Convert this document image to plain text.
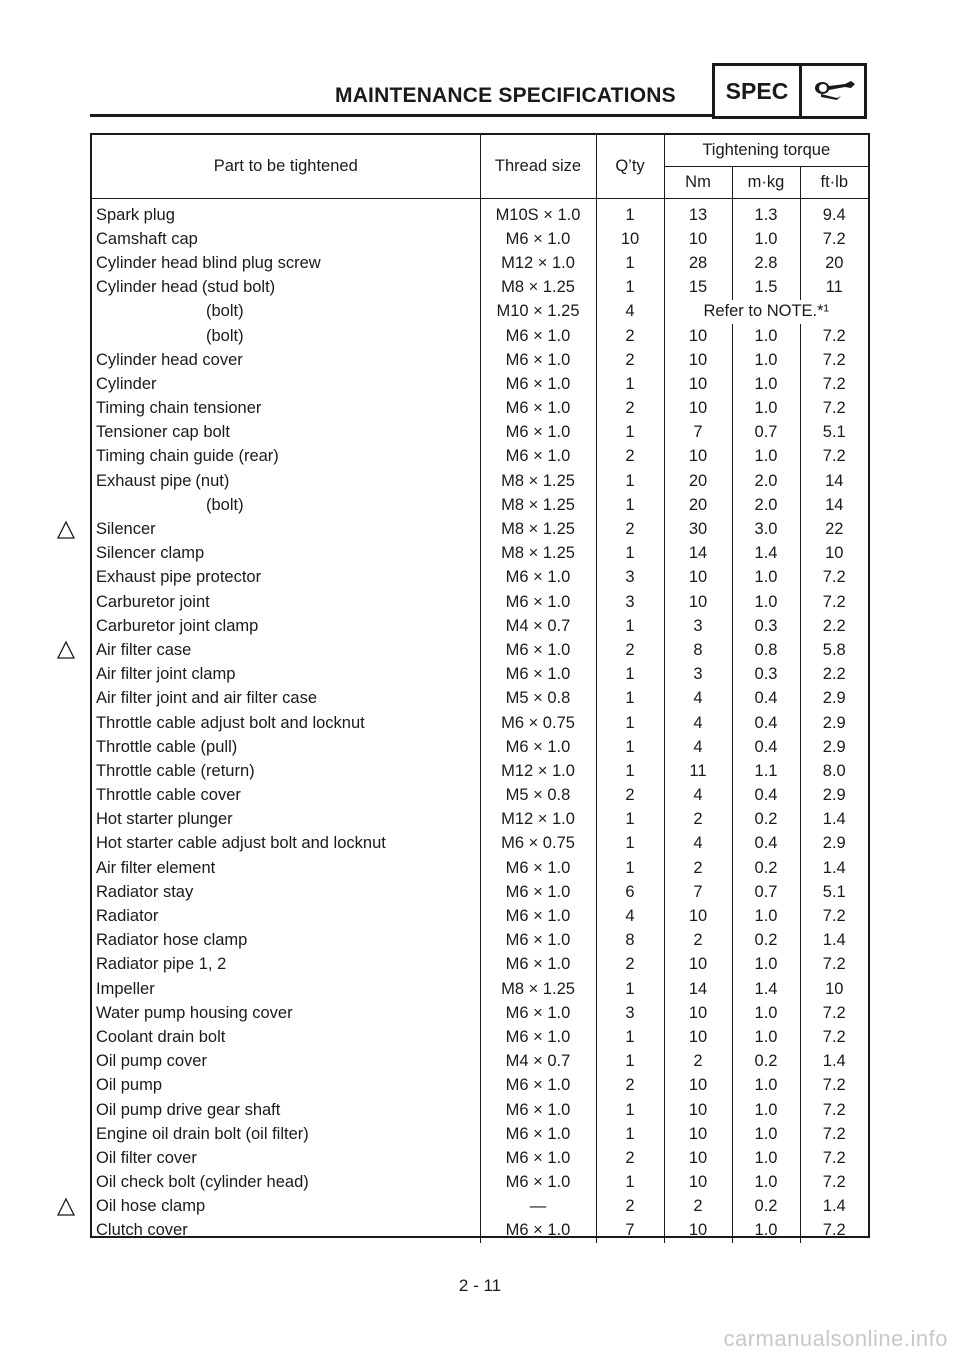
MAINTENANCE SPECIFICATIONS	SPEC
Part to be tightened	Thread size	Q’ty	Tightening torque		
			Nm	m·kg	ft·lb
Spark plug	M10S × 1.0	1	13	1.3	9.4
Camshaft cap	M6 × 1.0	10	10	1.0	7.2
Cylinder head blind plug screw	M12 × 1.0	1	28	2.8	20
Cylinder head (stud bolt)	M8 × 1.25	1	15	1.5	11
(bolt)	M10 × 1.25	4	Refer to NOTE.*¹		
(bolt)	M6 × 1.0	2	10	1.0	7.2
Cylinder head cover	M6 × 1.0	2	10	1.0	7.2
Cylinder	M6 × 1.0	1	10	1.0	7.2
Timing chain tensioner	M6 × 1.0	2	10	1.0	7.2
Tensioner cap bolt	M6 × 1.0	1	7	0.7	5.1
Timing chain guide (rear)	M6 × 1.0	2	10	1.0	7.2
Exhaust pipe (nut)	M8 × 1.25	1	20	2.0	14
(bolt)	M8 × 1.25	1	20	2.0	14
Silencer	M8 × 1.25	2	30	3.0	22
Silencer clamp	M8 × 1.25	1	14	1.4	10
Exhaust pipe protector	M6 × 1.0	3	10	1.0	7.2
Carburetor joint	M6 × 1.0	3	10	1.0	7.2
Carburetor joint clamp	M4 × 0.7	1	3	0.3	2.2
Air filter case	M6 × 1.0	2	8	0.8	5.8
Air filter joint clamp	M6 × 1.0	1	3	0.3	2.2
Air filter joint and air filter case	M5 × 0.8	1	4	0.4	2.9
Throttle cable adjust bolt and locknut	M6 × 0.75	1	4	0.4	2.9
Throttle cable (pull)	M6 × 1.0	1	4	0.4	2.9
Throttle cable (return)	M12 × 1.0	1	11	1.1	8.0
Throttle cable cover	M5 × 0.8	2	4	0.4	2.9
Hot starter plunger	M12 × 1.0	1	2	0.2	1.4
Hot starter cable adjust bolt and locknut	M6 × 0.75	1	4	0.4	2.9
Air filter element	M6 × 1.0	1	2	0.2	1.4
Radiator stay	M6 × 1.0	6	7	0.7	5.1
Radiator	M6 × 1.0	4	10	1.0	7.2
Radiator hose clamp	M6 × 1.0	8	2	0.2	1.4
Radiator pipe 1, 2	M6 × 1.0	2	10	1.0	7.2
Impeller	M8 × 1.25	1	14	1.4	10
Water pump housing cover	M6 × 1.0	3	10	1.0	7.2
Coolant drain bolt	M6 × 1.0	1	10	1.0	7.2
Oil pump cover	M4 × 0.7	1	2	0.2	1.4
Oil pump	M6 × 1.0	2	10	1.0	7.2
Oil pump drive gear shaft	M6 × 1.0	1	10	1.0	7.2
Engine oil drain bolt (oil filter)	M6 × 1.0	1	10	1.0	7.2
Oil filter cover	M6 × 1.0	2	10	1.0	7.2
Oil check bolt (cylinder head)	M6 × 1.0	1	10	1.0	7.2
Oil hose clamp	—	2	2	0.2	1.4
Clutch cover	M6 × 1.0	7	10	1.0	7.2
2 - 11
carmanualsonline.info
